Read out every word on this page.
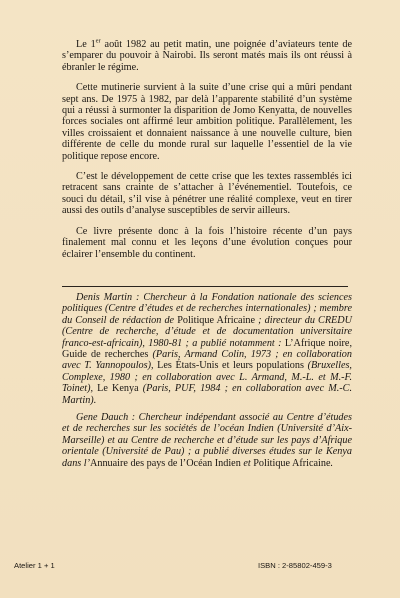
Le 1er août 1982 au petit matin, une poignée d’aviateurs tente de s’emparer du pouvoir à Nairobi. Ils seront matés mais ils ont réussi à ébranler le régime.

Cette mutinerie survient à la suite d’une crise qui a mûri pendant sept ans. De 1975 à 1982, par delà l’apparente stabilité d’un système qui a réussi à surmonter la disparition de Jomo Kenyatta, de nouvelles forces sociales ont affirmé leur ambition politique. Parallèlement, les villes croissaient et donnaient naissance à une nouvelle culture, bien différente de celle du monde rural sur laquelle l’essentiel de la vie politique repose encore.

C’est le développement de cette crise que les textes rassemblés ici retracent sans crainte de s’attacher à l’événementiel. Toutefois, ce souci du détail, s’il vise à pénétrer une réalité complexe, veut en tirer aussi des outils d’analyse susceptibles de servir ailleurs.

Ce livre présente donc à la fois l’histoire récente d’un pays finalement mal connu et les leçons d’une évolution conçues pour éclairer l’ensemble du continent.

Denis Martin : Chercheur à la Fondation nationale des sciences politiques (Centre d’études et de recherches internationales) ; membre du Conseil de rédaction de Politique Africaine ; directeur du CREDU (Centre de recherche, d’étude et de documentation universitaire franco-est-africain), 1980-81 ; a publié notamment : L’Afrique noire, Guide de recherches (Paris, Armand Colin, 1973 ; en collaboration avec T. Yannopoulos), Les États-Unis et leurs populations (Bruxelles, Complexe, 1980 ; en collaboration avec L. Armand, M.-L. et M.-F. Toinet), Le Kenya (Paris, PUF, 1984 ; en collaboration avec M.-C. Martin).

Gene Dauch : Chercheur indépendant associé au Centre d’études et de recherches sur les sociétés de l’océan Indien (Université d’Aix-Marseille) et au Centre de recherche et d’étude sur les pays d’Afrique orientale (Université de Pau) ; a publié diverses études sur le Kenya dans l’Annuaire des pays de l’Océan Indien et Politique Africaine.

Atelier 1 + 1	ISBN : 2-85802-459-3
